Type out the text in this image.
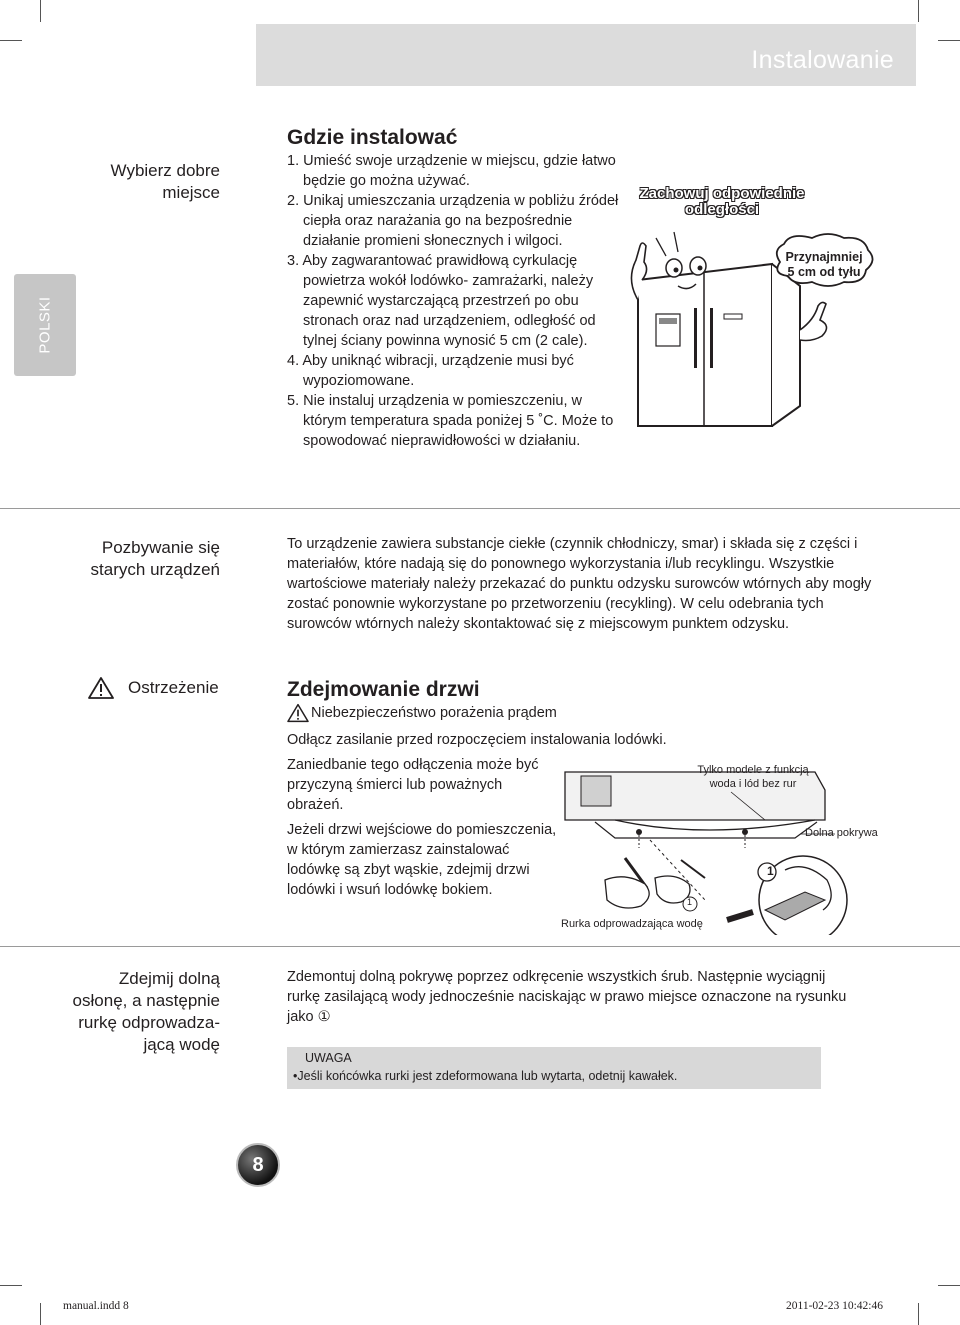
Instalowanie
POLSKI
Wybierz dobre
miejsce
Gdzie instalować
1. Umieść swoje urządzenie w miejscu, gdzie łatwo będzie go można używać.
2. Unikaj umieszczania urządzenia w pobliżu źródeł ciepła oraz narażania go na bezpośrednie działanie promieni słonecznych i wilgoci.
3. Aby zagwarantować prawidłową cyrkulację powietrza wokół lodówko- zamrażarki, należy zapewnić wystarczającą przestrzeń po obu stronach oraz nad urządzeniem, odległość od tylnej ściany powinna wynosić 5 cm (2 cale).
4. Aby uniknąć wibracji, urządzenie musi być wypoziomowane.
5. Nie instaluj urządzenia w pomieszczeniu, w którym temperatura spada poniżej 5 ˚C. Może to spowodować nieprawidłowości w działaniu.
Zachowuj odpowiednie
odległości
Przynajmniej
5 cm od tyłu
Pozbywanie się
starych urządzeń
To urządzenie zawiera substancje ciekłe (czynnik chłodniczy, smar) i składa się z części i materiałów, które nadają się do ponownego wykorzystania i/lub recyklingu. Wszystkie wartościowe materiały należy przekazać do punktu odzysku surowców wtórnych aby mogły zostać ponownie wykorzystane po przetworzeniu (recykling). W celu odebrania tych surowców wtórnych należy skontaktować się z miejscowym punktem odzysku.
Ostrzeżenie	Zdejmowanie drzwi
Niebezpieczeństwo porażenia prądem
Odłącz zasilanie przed rozpoczęciem instalowania lodówki.
Zaniedbanie tego odłączenia może być przyczyną śmierci lub poważnych obrażeń.
Jeżeli drzwi wejściowe do pomieszczenia, w którym zamierzasz zainstalować lodówkę są zbyt wąskie, zdejmij drzwi lodówki i wsuń lodówkę bokiem.
1
1
Tylko modele z funkcją
woda i lód bez rur
Dolna pokrywa
Rurka odprowadzająca wodę
Zdejmij dolną
osłonę, a następnie
rurkę odprowadza-
jącą wodę
Zdemontuj dolną pokrywę poprzez odkręcenie wszystkich śrub. Następnie wyciągnij rurkę zasilającą wody jednocześnie naciskając w prawo miejsce oznaczone na rysunku jako ①
UWAGA
•Jeśli końcówka rurki jest zdeformowana lub wytarta, odetnij kawałek.
8
manual.indd 8	2011-02-23 10:42:46
